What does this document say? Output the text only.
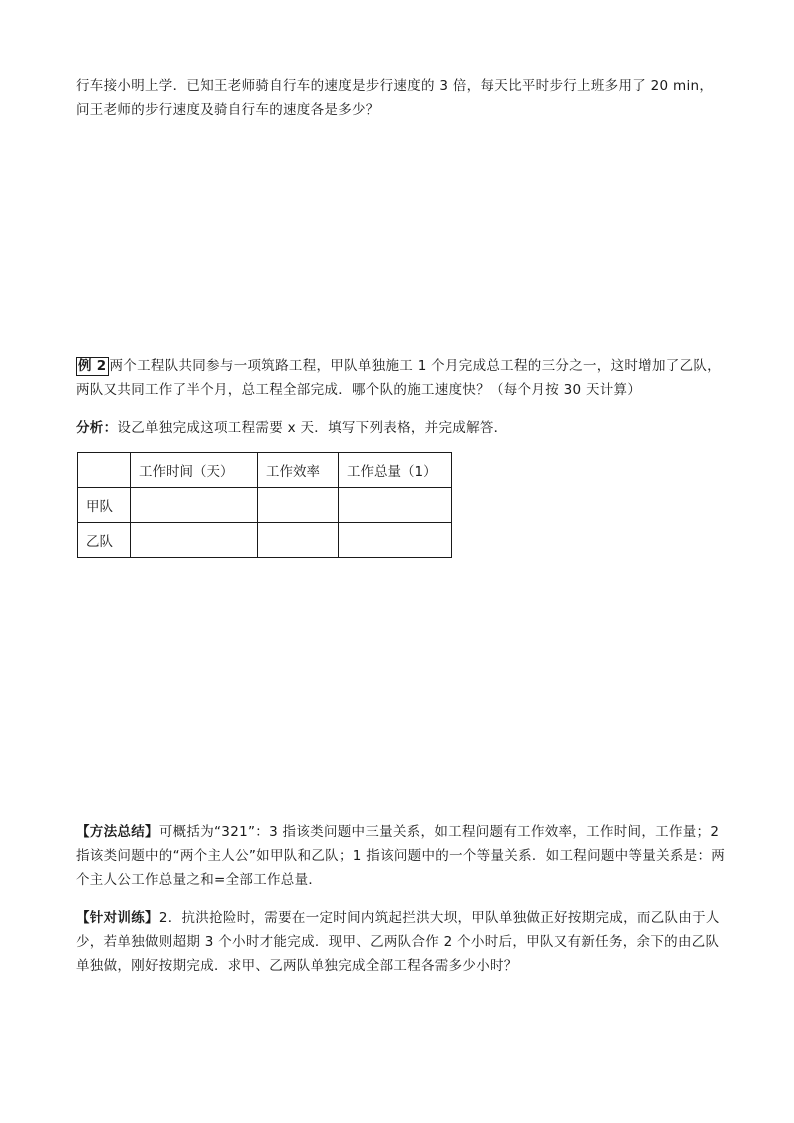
行车接小明上学．已知王老师骑自行车的速度是步行速度的 3 倍，每天比平时步行上班多用了 20 min，问王老师的步行速度及骑自行车的速度各是多少？
例 2 两个工程队共同参与一项筑路工程，甲队单独施工 1 个月完成总工程的三分之一，这时增加了乙队，两队又共同工作了半个月，总工程全部完成．哪个队的施工速度快？（每个月按 30 天计算）
分析：设乙单独完成这项工程需要 x 天．填写下列表格，并完成解答．
	工作时间（天）	工作效率	工作总量（1）
甲队			
乙队			
【方法总结】可概括为“321”：3 指该类问题中三量关系，如工程问题有工作效率，工作时间，工作量；2 指该类问题中的“两个主人公”如甲队和乙队；1 指该问题中的一个等量关系．如工程问题中等量关系是：两个主人公工作总量之和=全部工作总量．
【针对训练】2．抗洪抢险时，需要在一定时间内筑起拦洪大坝，甲队单独做正好按期完成，而乙队由于人少，若单独做则超期 3 个小时才能完成．现甲、乙两队合作 2 个小时后，甲队又有新任务，余下的由乙队单独做，刚好按期完成．求甲、乙两队单独完成全部工程各需多少小时？
